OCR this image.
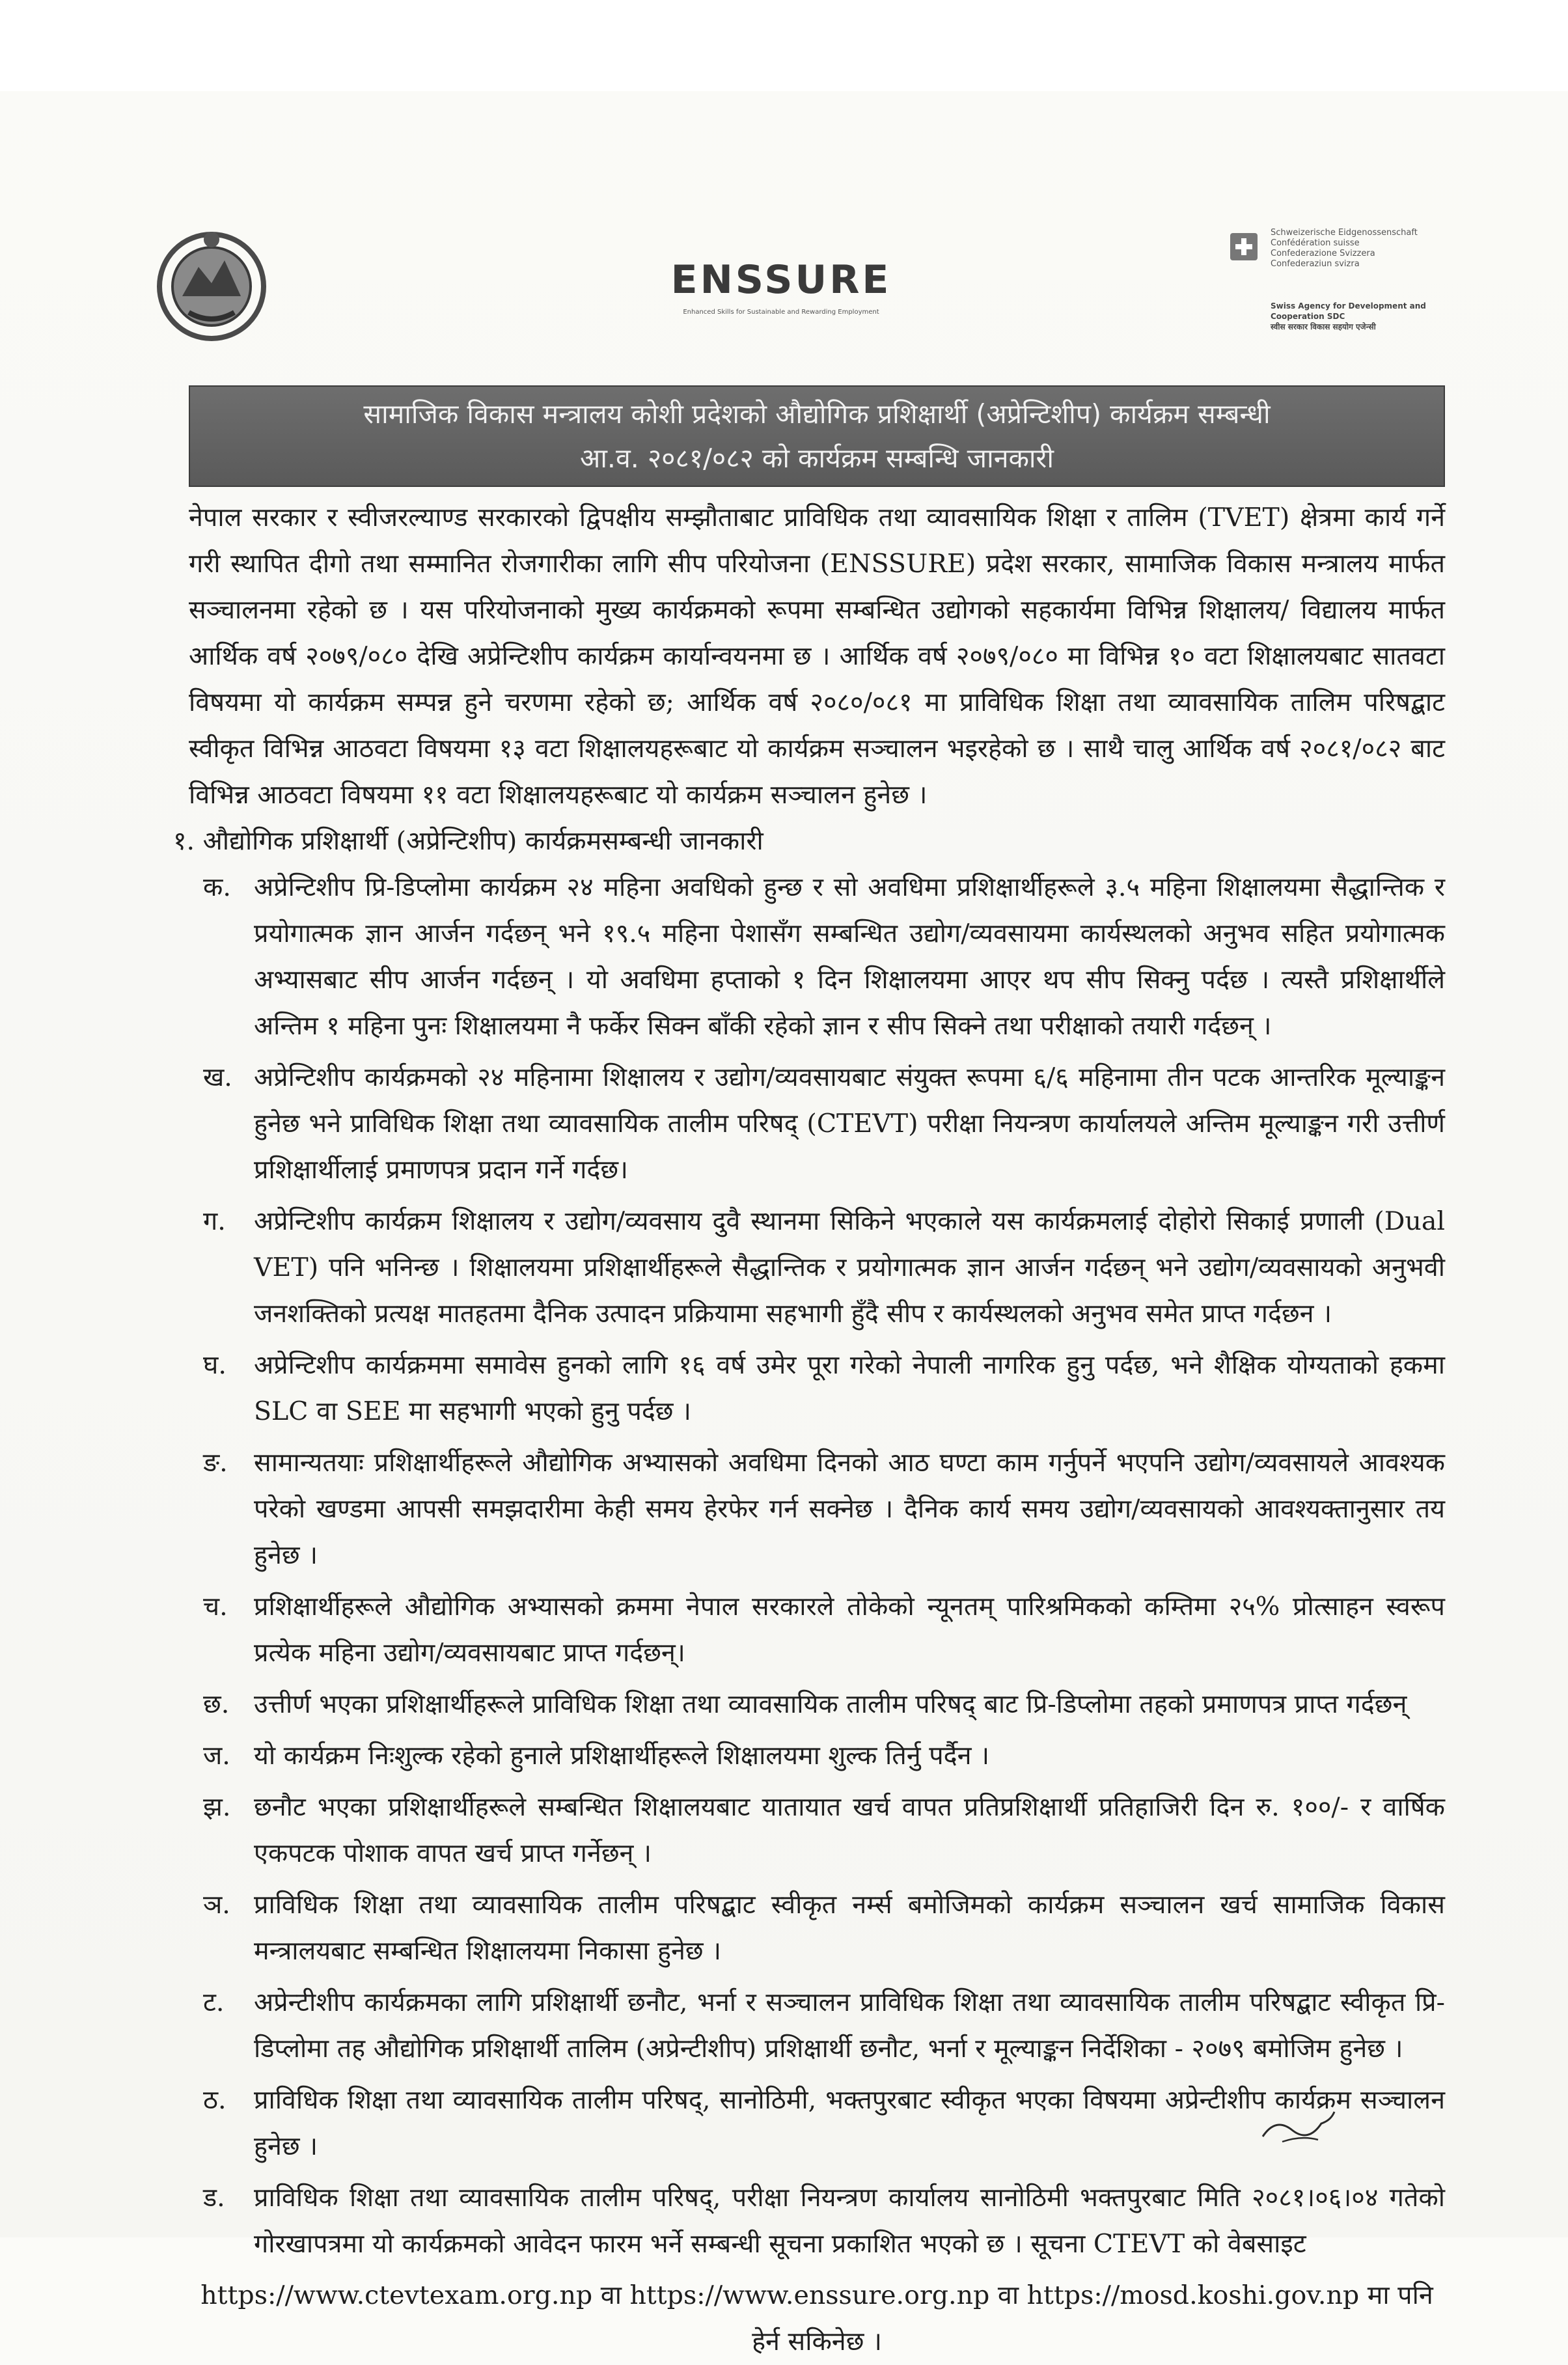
ENSSURE
Enhanced Skills for Sustainable and Rewarding Employment
Schweizerische Eidgenossenschaft
Confédération suisse
Confederazione Svizzera
Confederaziun svizra
Swiss Agency for Development and Cooperation SDC
स्वीस सरकार विकास सहयोग एजेन्सी
सामाजिक विकास मन्त्रालय कोशी प्रदेशको औद्योगिक प्रशिक्षार्थी (अप्रेन्टिशीप) कार्यक्रम सम्बन्धी
आ.व. २०८१/०८२ को कार्यक्रम सम्बन्धि जानकारी

नेपाल सरकार र स्वीजरल्याण्ड सरकारको द्विपक्षीय सम्झौताबाट प्राविधिक तथा व्यावसायिक शिक्षा र तालिम (TVET) क्षेत्रमा कार्य गर्ने गरी स्थापित दीगो तथा सम्मानित रोजगारीका लागि सीप परियोजना (ENSSURE) प्रदेश सरकार, सामाजिक विकास मन्त्रालय मार्फत सञ्चालनमा रहेको छ । यस परियोजनाको मुख्य कार्यक्रमको रूपमा सम्बन्धित उद्योगको सहकार्यमा विभिन्न शिक्षालय/ विद्यालय मार्फत आर्थिक वर्ष २०७९/०८० देखि अप्रेन्टिशीप कार्यक्रम कार्यान्वयनमा छ । आर्थिक वर्ष २०७९/०८० मा विभिन्न १० वटा शिक्षालयबाट सातवटा विषयमा यो कार्यक्रम सम्पन्न हुने चरणमा रहेको छ; आर्थिक वर्ष २०८०/०८१ मा प्राविधिक शिक्षा तथा व्यावसायिक तालिम परिषद्बाट स्वीकृत विभिन्न आठवटा विषयमा १३ वटा शिक्षालयहरूबाट यो कार्यक्रम सञ्चालन भइरहेको छ । साथै चालु आर्थिक वर्ष २०८१/०८२ बाट विभिन्न आठवटा विषयमा ११ वटा शिक्षालयहरूबाट यो कार्यक्रम सञ्चालन हुनेछ ।

१. औद्योगिक प्रशिक्षार्थी (अप्रेन्टिशीप) कार्यक्रमसम्बन्धी जानकारी

क. अप्रेन्टिशीप प्रि-डिप्लोमा कार्यक्रम २४ महिना अवधिको हुन्छ र सो अवधिमा प्रशिक्षार्थीहरूले ३.५ महिना शिक्षालयमा सैद्धान्तिक र प्रयोगात्मक ज्ञान आर्जन गर्दछन् भने १९.५ महिना पेशासँग सम्बन्धित उद्योग/व्यवसायमा कार्यस्थलको अनुभव सहित प्रयोगात्मक अभ्यासबाट सीप आर्जन गर्दछन् । यो अवधिमा हप्ताको १ दिन शिक्षालयमा आएर थप सीप सिक्नु पर्दछ । त्यस्तै प्रशिक्षार्थीले अन्तिम १ महिना पुनः शिक्षालयमा नै फर्केर सिक्न बाँकी रहेको ज्ञान र सीप सिक्ने तथा परीक्षाको तयारी गर्दछन् ।
ख. अप्रेन्टिशीप कार्यक्रमको २४ महिनामा शिक्षालय र उद्योग/व्यवसायबाट संयुक्त रूपमा ६/६ महिनामा तीन पटक आन्तरिक मूल्याङ्कन हुनेछ भने प्राविधिक शिक्षा तथा व्यावसायिक तालीम परिषद् (CTEVT) परीक्षा नियन्त्रण कार्यालयले अन्तिम मूल्याङ्कन गरी उत्तीर्ण प्रशिक्षार्थीलाई प्रमाणपत्र प्रदान गर्ने गर्दछ।
ग.	अप्रेन्टिशीप कार्यक्रम शिक्षालय र उद्योग/व्यवसाय दुवै स्थानमा सिकिने भएकाले यस कार्यक्रमलाई दोहोरो सिकाई प्रणाली (Dual VET) पनि भनिन्छ । शिक्षालयमा प्रशिक्षार्थीहरूले सैद्धान्तिक र प्रयोगात्मक ज्ञान आर्जन गर्दछन् भने उद्योग/व्यवसायको अनुभवी जनशक्तिको प्रत्यक्ष मातहतमा दैनिक उत्पादन प्रक्रियामा सहभागी हुँदै सीप र कार्यस्थलको अनुभव समेत प्राप्त गर्दछन ।
घ.	अप्रेन्टिशीप कार्यक्रममा समावेस हुनको लागि १६ वर्ष उमेर पूरा गरेको नेपाली नागरिक हुनु पर्दछ, भने शैक्षिक योग्यताको हकमा SLC वा SEE मा सहभागी भएको हुनु पर्दछ ।
ङ.	सामान्यतयाः प्रशिक्षार्थीहरूले औद्योगिक अभ्यासको अवधिमा दिनको आठ घण्टा काम गर्नुपर्ने भएपनि उद्योग/व्यवसायले आवश्यक परेको खण्डमा आपसी समझदारीमा केही समय हेरफेर गर्न सक्नेछ । दैनिक कार्य समय उद्योग/व्यवसायको आवश्यक्तानुसार तय हुनेछ ।
च.	प्रशिक्षार्थीहरूले औद्योगिक अभ्यासको क्रममा नेपाल सरकारले तोकेको न्यूनतम् पारिश्रमिकको कम्तिमा २५% प्रोत्साहन स्वरूप प्रत्येक महिना उद्योग/व्यवसायबाट प्राप्त गर्दछन्।
छ. उत्तीर्ण भएका प्रशिक्षार्थीहरूले प्राविधिक शिक्षा तथा व्यावसायिक तालीम परिषद् बाट प्रि-डिप्लोमा तहको प्रमाणपत्र प्राप्त गर्दछन्
ज. यो कार्यक्रम निःशुल्क रहेको हुनाले प्रशिक्षार्थीहरूले शिक्षालयमा शुल्क तिर्नु पर्दैन ।
झ. छनौट भएका प्रशिक्षार्थीहरूले सम्बन्धित शिक्षालयबाट यातायात खर्च वापत प्रतिप्रशिक्षार्थी प्रतिहाजिरी दिन रु. १००/- र वार्षिक एकपटक पोशाक वापत खर्च प्राप्त गर्नेछन् ।
ञ. प्राविधिक शिक्षा तथा व्यावसायिक तालीम परिषद्बाट स्वीकृत नर्म्स बमोजिमको कार्यक्रम सञ्चालन खर्च सामाजिक विकास मन्त्रालयबाट सम्बन्धित शिक्षालयमा निकासा हुनेछ ।
ट.	अप्रेन्टीशीप कार्यक्रमका लागि प्रशिक्षार्थी छनौट, भर्ना र सञ्चालन प्राविधिक शिक्षा तथा व्यावसायिक तालीम परिषद्बाट स्वीकृत प्रि-डिप्लोमा तह औद्योगिक प्रशिक्षार्थी तालिम (अप्रेन्टीशीप) प्रशिक्षार्थी छनौट, भर्ना र मूल्याङ्कन निर्देशिका - २०७९ बमोजिम हुनेछ ।
ठ.	प्राविधिक शिक्षा तथा व्यावसायिक तालीम परिषद्, सानोठिमी, भक्तपुरबाट स्वीकृत भएका विषयमा अप्रेन्टीशीप कार्यक्रम सञ्चालन हुनेछ ।
ड.	प्राविधिक शिक्षा तथा व्यावसायिक तालीम परिषद्, परीक्षा नियन्त्रण कार्यालय सानोठिमी भक्तपुरबाट मिति २०८१।०६।०४ गतेको गोरखापत्रमा यो कार्यक्रमको आवेदन फारम भर्ने सम्बन्धी सूचना प्रकाशित भएको छ । सूचना CTEVT को वेबसाइट

https://www.ctevtexam.org.np वा https://www.enssure.org.np वा https://mosd.koshi.gov.np मा पनि हेर्न सकिनेछ ।
